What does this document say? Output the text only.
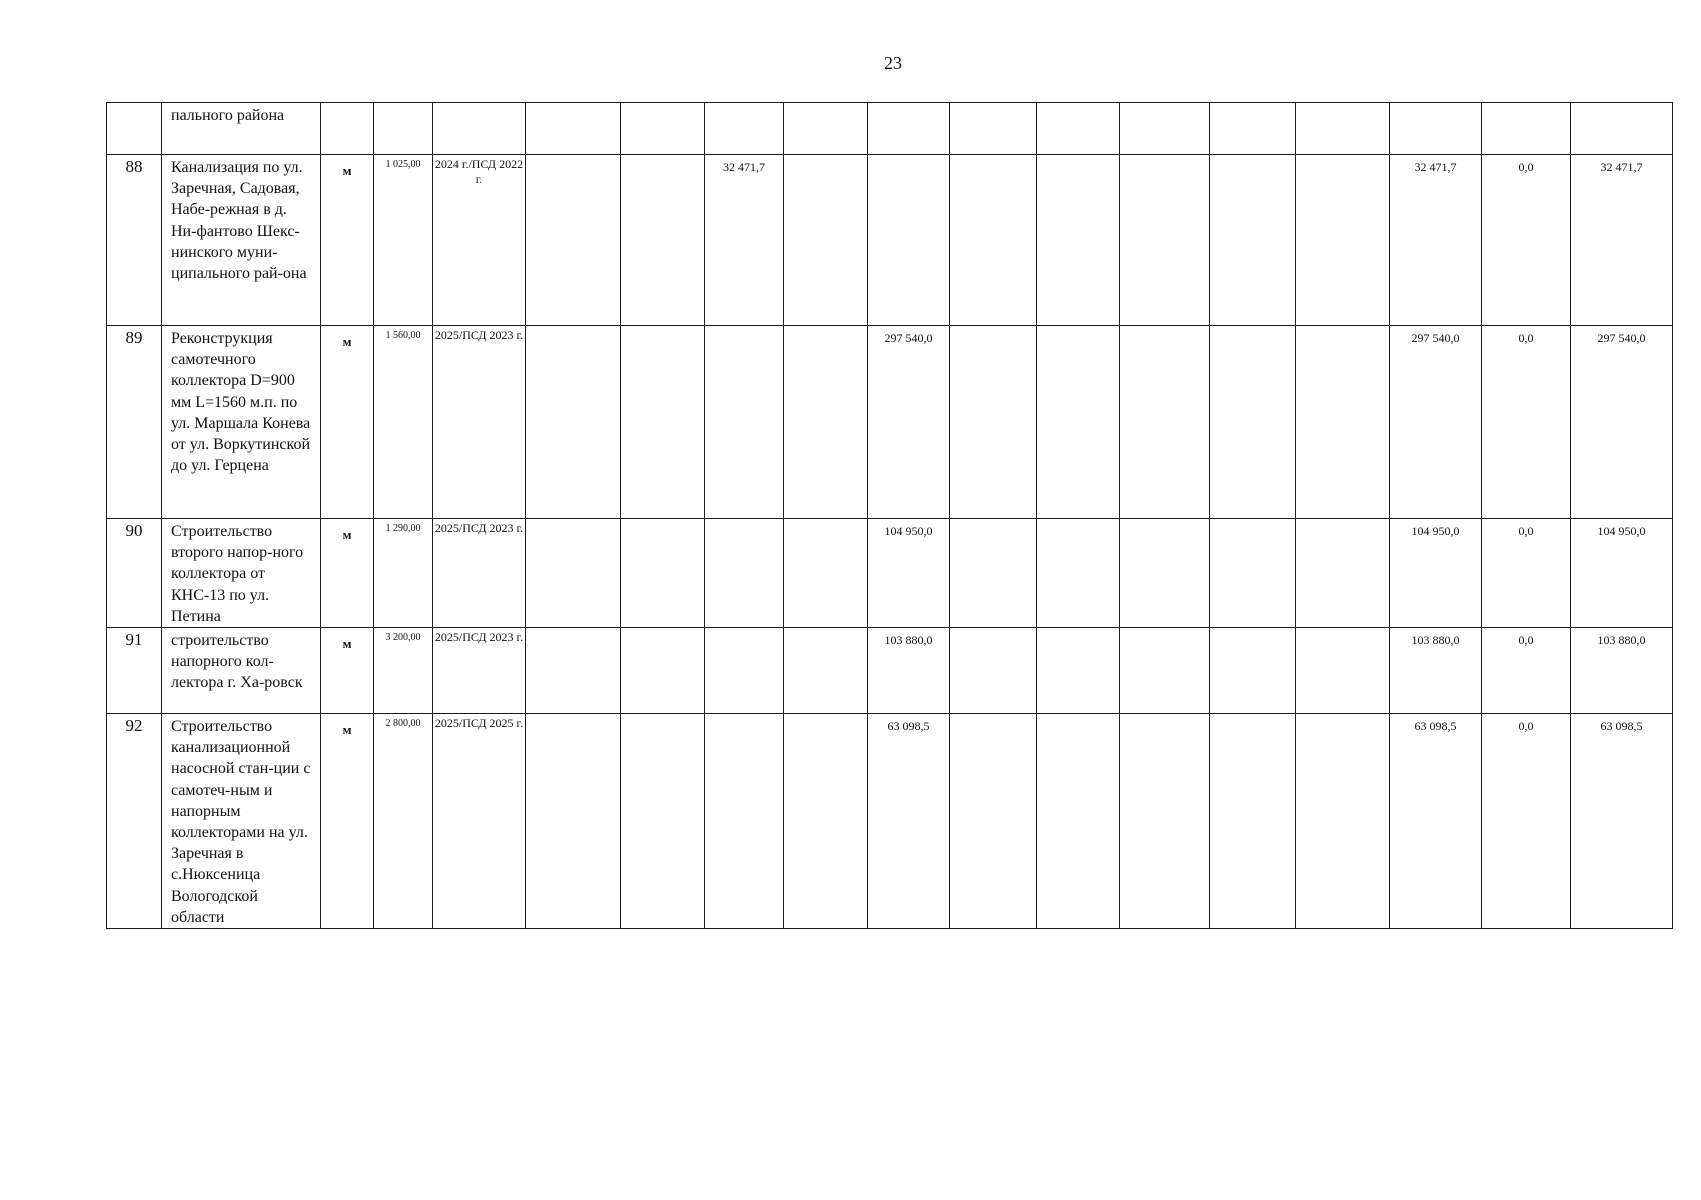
23
	пального района																
88	Канализация по ул. Заречная, Садовая, Набе-режная в д. Ни-фантово Шекс-нинского муни-ципального рай-она	м	1 025,00	2024 г./ПСД 2022 г.			32 471,7								32 471,7	0,0	32 471,7
89	Реконструкция самотечного коллектора D=900 мм L=1560 м.п. по ул. Маршала Конева от ул. Воркутинской до ул. Герцена	м	1 560,00	2025/ПСД 2023 г.					297 540,0						297 540,0	0,0	297 540,0
90	Строительство второго напор-ного коллектора от КНС-13 по ул. Петина	м	1 290,00	2025/ПСД 2023 г.					104 950,0						104 950,0	0,0	104 950,0
91	строительство напорного кол-лектора г. Ха-ровск	м	3 200,00	2025/ПСД 2023 г.					103 880,0						103 880,0	0,0	103 880,0
92	Строительство канализационной насосной стан-ции с самотеч-ным и напорным коллекторами на ул. Заречная в с.Нюксеница Вологодской области	м	2 800,00	2025/ПСД 2025 г.					63 098,5						63 098,5	0,0	63 098,5
